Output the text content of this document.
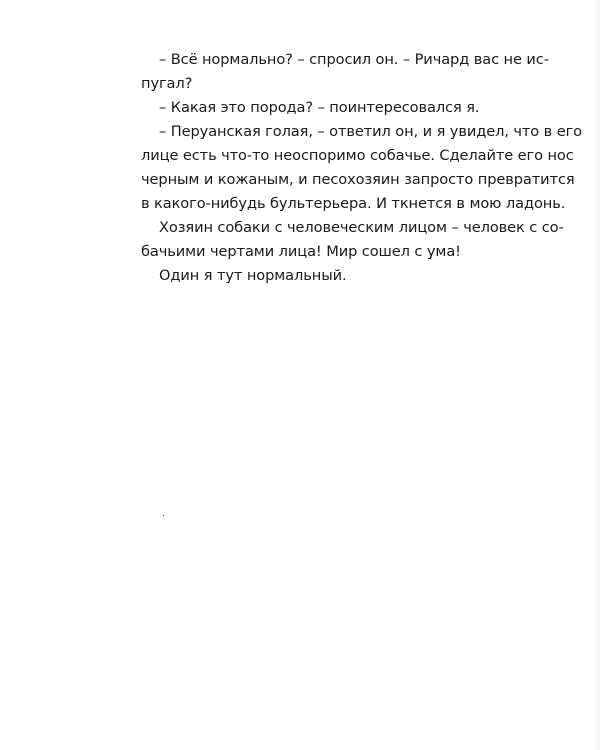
– Всё нормально? – спросил он. – Ричард вас не ис-
пугал?
– Какая это порода? – поинтересовался я.
– Перуанская голая, – ответил он, и я увидел, что в его
лице есть что-то неоспоримо собачье. Сделайте его нос
черным и кожаным, и песохозяин запросто превратится
в какого-нибудь бультерьера. И ткнется в мою ладонь.
Хозяин собаки с человеческим лицом – человек с со-
бачьими чертами лица! Мир сошел с ума!
Один я тут нормальный.
